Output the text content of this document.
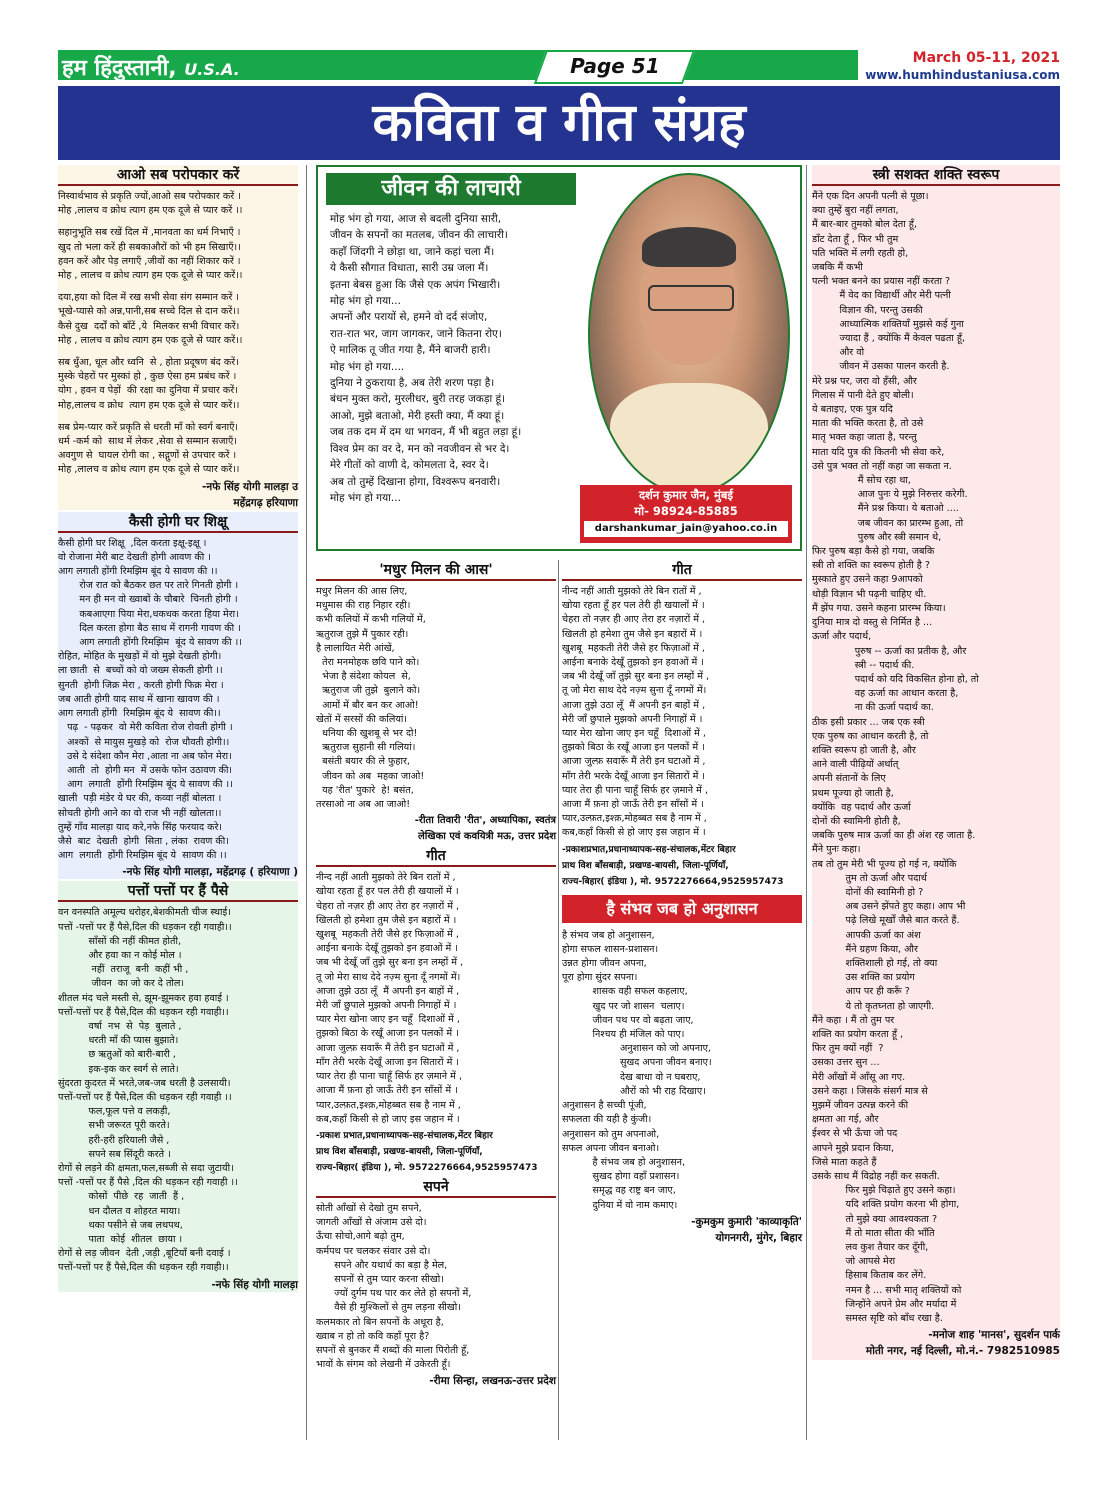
हम हिंदुस्तानी, U.S.A.	Page 51	March 05-11, 2021
www.humhindustaniusa.com
कविता व गीत संग्रह
आओ सब परोपकार करें

निस्वार्थभाव से प्रकृति ज्यों,आओ सब परोपकार करें ।

मोह ,लालच व क्रोध त्याग हम एक दूजे से प्यार करें ।।

सहानुभूति सब रखें दिल में ,मानवता का धर्म निभाएँ ।

खुद तो भला करें ही सबकाऔरों को भी हम सिखाएँ।।

हवन करें और पेड़ लगाएँ ,जीवों का नहीं शिकार करें ।

मोह , लालच व क्रोध त्याग हम एक दूजे से प्यार करें।।

दया,हया को दिल में रख सभी सेवा संग सम्मान करें ।

भूखे-प्यासे को अन्न,पानी,सब सच्चे दिल से दान करें।।

कैसे दुख  दर्दों को बाँटें ,ये  मिलकर सभी विचार करें।

मोह , लालच व क्रोध त्याग हम एक दूजे से प्यार करें।।

सब धुँआ, धूल और ध्वनि  से , होता प्रदूषण बंद करें।

मुस्के चेहरों पर मुस्कां हो , कुछ ऐसा हम प्रबंध करें ।

योग , हवन व पेड़ों  की रक्षा का दुनिया में प्रचार करें।

मोह,लालच व क्रोध  त्याग हम एक दूजे से प्यार करें।।

सब प्रेम-प्यार करें प्रकृति से धरती माँ को स्वर्ग बनाएँ।

धर्म -कर्म को  साथ में लेकर ,सेवा से सम्मान सजाएँ।

अवगुण से  घायल रोगी का , सद्गुणों से उपचार करें ।

मोह ,लालच व क्रोध त्याग हम एक दूजे से प्यार करें।।

-नफे सिंह योगी मालड़ा उ
महेंद्रगढ़ हरियाणा
कैसी होगी घर शिक्षू

कैसी होगी घर शिक्षू  ,दिल करता इक्षू-इक्षू ।

वो रोजाना मेरी बाट देखती होगी आवण की ।

आग लगाती होंगी रिमझिम बूंद ये सावण की ।।

रोज रात को बैठकर छत पर तारे गिनती होगी ।

मन ही मन वो ख्वाबों के चौबारे  चिनती होगी ।

कबआएगा पिया मेरा,धकधक करता हिया मेरा।

दिल करता होगा बैठ साथ में रागनी गावण की ।

आग लगाती होंगी रिमझिम  बूंद ये सावण की ।।

रोहित, मोहित के मुखड़ों में वो मुझे देखती होगी।

ला छाती  से  बच्चों को वो जख्म सेकती होगी ।।

सुनती  होगी जिक्र मेरा , करती होगी फिक्र मेरा ।

जब आती होगी याद साथ में खाना खावण की ।

आग लगाती होंगी  रिमझिम बूंद ये  सावण की।।

पढ़  - पढ़कर  वो मेरी कविता रोज रोवती होगी ।

अश्कों  से मायुस मुखड़े को  रोज धौवती होगी।।

उसे दे संदेशा कौन मेरा ,आता ना अब फोन मेरा।

आती  तो  होगी मन  में उसके फोन उठावण की।

आग  लगाती  होंगी रिमझिम बूंद ये सावण की ।।

खाली  पड़ी मंडेर ये घर की, कव्वा नहीं बोलता ।

सोचती होगी आने का वो राज भी नहीं खोलता।।

तुम्हें गाँव मालड़ा याद करे,नफे सिंह फरयाद करे।

जैसे  बाट  देखती  होगी  सिता , लंका  रावण की।

आग  लगाती  होंगी रिमझिम बूंद ये  सावण की ।।

-नफे सिंह योगी मालड़ा, महेंद्रगढ़ ( हरियाणा )
पत्तों पत्तों पर हैं पैसे

वन वनस्पति अमूल्य धरोहर,बेशकीमती चीज स्थाई।

पत्तों -पत्तों पर हैं पैसे,दिल की धड़कन रही गवाही।।

साँसों की नहीं कीमत होती,

और हवा का न कोई मोल ।

नहीं  तराजू  बनी  कहीं भी ,

जीवन  का जो कर दे तोल।

शीतल मंद चले मस्ती से, झूम-झूमकर हवा हवाई ।

पत्तों-पत्तों पर हैं पैसे,दिल की धड़कन रही गवाही।।

वर्षा  नभ  से  पेड़  बुलाते ,

धरती माँ की प्यास बुझाते।

छ ऋतुओं को बारी-बारी ,

इक-इक कर स्वर्ग से लाते।

सुंदरता कुदरत में भरते,जब-जब धरती है उलसायी।

पत्तों-पत्तों पर हैं पैसे,दिल की धड़कन रही गवाही ।।

फल,फूल पत्ते व लकड़ी,

सभी जरूरत पूरी करते।

हरी-हरी हरियाली जैसे ,

सपने सब सिंदूरी करते ।

रोगों से लड़ने की क्षमता,फल,सब्जी से सदा जुटायी।

पत्तों -पत्तों पर हैं पैसे ,दिल की धड़कन रही गवाही ।।

कोसों  पीछे  रह  जाती  हैं ,

धन दौलत व शोहरत माया।

थका पसीने से जब लथपथ,

पाता  कोई  शीतल  छाया ।

रोगों से लड़ जीवन  देती ,जड़ी ,बूटियाँ बनी दवाई ।

पत्तों-पत्तों पर हैं पैसे,दिल की धड़कन रही गवाही।।

-नफे सिंह योगी मालड़ा
जीवन की लाचारी

मोह भंग हो गया, आज से बदली दुनिया सारी,

जीवन के सपनों का मतलब, जीवन की लाचारी।

कहाँ जिंदगी ने छोड़ा था, जाने कहां चला मैं।

ये कैसी सौगात विधाता, सारी उम्र जला मैं।

इतना बेबस हुआ कि जैसे एक अपंग भिखारी।

मोह भंग हो गया...

अपनों और परायों से, हमने वो दर्द संजोए,

रात-रात भर, जाग जागकर, जाने कितना रोए।

ऐ मालिक तू जीत गया है, मैंने बाजरी हारी।

मोह भंग हो गया....

दुनिया ने ठुकराया है, अब तेरी शरण पड़ा है।

बंधन मुक्त करो, मुरलीधर, बुरी तरह जकड़ा हूं।

आओ, मुझे बताओ, मेरी हस्ती क्या, मैं क्या हूं।

जब तक दम में दम था भगवन, मैं भी बहुत लड़ा हूं।

विश्व प्रेम का वर दे, मन को नवजीवन से भर दे।

मेरे गीतों को वाणी दे, कोमलता दे, स्वर दे।

अब तो तुम्हें दिखाना होगा, विश्वरूप बनवारी।

मोह भंग हो गया...	दर्शन कुमार जैन, मुंबई
मो- 98924-85885
darshankumar_jain@yahoo.co.in
'मधुर मिलन की आस'

मधुर मिलन की आस लिए,

मधुमास की राह निहार रही।

कभी कलियों में कभी गलियों में,

ऋतुराज तुझे मैं पुकार रही।

है लालायित मेरी आंखें,

तेरा मनमोहक छवि पाने को।

भेजा है संदेशा कोयल  से,

ऋतुराज जी तुझे  बुलाने को।

आमों में बौर बन कर आओ!

खेतों में सरसों की कलियां।

धनिया की खुशबू से भर दो!

ऋतुराज सुहानी सी गलियां।

बसंती बयार की ले फुहार,

जीवन को अब  महका जाओ!

यह 'रीत' पुकारे  हे! बसंत,

तरसाओ ना अब आ जाओ!

-रीता तिवारी 'रीत', अध्यापिका, स्वतंत्र
लेखिका एवं कवयित्री मऊ, उत्तर प्रदेश
गीत

नीन्द नहीं आती मुझको तेरे बिन रातों में ,

खोया रहता हूँ हर पल तेरी ही खयालों में ।

चेहरा तो नज़र ही आए तेरा हर नज़ारों में ,

खिलती हो हमेशा तुम जैसे इन बहारों में ।

खुशबू  महकती तेरी जैसे हर फिज़ाओं में ,

आईना बनाके देखूँ तुझको इन हवाओं में ।

जब भी देखूँ जाँ तुझे सुर बना इन लम्हों में ,

तू जो मेरा साथ देदे नज़्म सुना दूँ नगमों में।

आजा तुझे उठा लूँ  मैं अपनी इन बाहों में ,

मेरी जाँ छुपाले मुझको अपनी निगाहों में ।

प्यार मेरा खोना जाए इन चहूँ  दिशाओं में ,

तुझको बिठा के रखूँ आजा इन पलकों में ।

आजा जुल्फ़ सवारूँ मैं तेरी इन घटाओं में ,

माँग तेरी भरके देखूँ आजा इन सितारों में ।

प्यार तेरा ही पाना चाहूँ सिर्फ हर ज़माने में ,

आजा मैं फ़ना हो जाऊँ तेरी इन साँसों में ।

प्यार,उल्फ़त,इश्क़,मोहब्बत सब है नाम में ,

कब,कहाँ किसी से हो जाए इस जहान में ।

-प्रकाश प्रभात,प्रधानाध्यापक-सह-संचालक,मेंटर बिहार
प्राथ विश बाँसबाड़ी, प्रखण्ड-बायसी, जिला-पूर्णियाँ,
राज्य-बिहार( इंडिया ), मो. 9572276664,9525957473
सपने

सोती आँखों से देखो तुम सपने,

जागती आँखों से अंजाम उसे दो।

ऊँचा सोचो,आगे बढ़ो तुम,

कर्मपथ पर चलकर संवार उसे दो।

सपने और यथार्थ का बड़ा है मेल,

सपनों से तुम प्यार करना सीखो।

ज्यों दुर्गम पथ पार कर लेते हो सपनों में,

वैसे ही मुश्किलों से तुम लड़ना सीखो।

कलमकार तो बिन सपनों के अधूरा है,

ख्वाब न हो तो कवि कहाँ पूरा है?

सपनों से बुनकर मैं शब्दों की माला पिरोती हूँ,

भावों के संगम को लेखनी में उकेरती हूँ।

-रीमा सिन्हा, लखनऊ-उत्तर प्रदेश
गीत

नीन्द नहीं आती मुझको तेरे बिन रातों में ,

खोया रहता हूँ हर पल तेरी ही खयालों में ।

चेहरा तो नज़र ही आए तेरा हर नज़ारों में ,

खिलती हो हमेशा तुम जैसे इन बहारों में ।

खुशबू  महकती तेरी जैसे हर फिज़ाओं में ,

आईना बनाके देखूँ तुझको इन हवाओं में ।

जब भी देखूँ जाँ तुझे सुर बना इन लम्हों में ,

तू जो मेरा साथ देदे नज़्म सुना दूँ नगमों में।

आजा तुझे उठा लूँ  मैं अपनी इन बाहों में ,

मेरी जाँ छुपाले मुझको अपनी निगाहों में ।

प्यार मेरा खोना जाए इन चहूँ  दिशाओं में ,

तुझको बिठा के रखूँ आजा इन पलकों में ।

आजा जुल्फ़ सवारूँ मैं तेरी इन घटाओं में ,

माँग तेरी भरके देखूँ आजा इन सितारों में ।

प्यार तेरा ही पाना चाहूँ सिर्फ हर ज़माने में ,

आजा मैं फ़ना हो जाऊँ तेरी इन साँसों में ।

प्यार,उल्फ़त,इश्क़,मोहब्बत सब है नाम में ,

कब,कहाँ किसी से हो जाए इस जहान में ।

-प्रकाशप्रभात,प्रधानाध्यापक-सह-संचालक,मेंटर बिहार
प्राथ विश बाँसबाड़ी, प्रखण्ड-बायसी, जिला-पूर्णियाँ,
राज्य-बिहार( इंडिया ), मो. 9572276664,9525957473
है संभव जब हो अनुशासन

है संभव जब हो अनुशासन,

होगा सफल शासन-प्रशासन।

उन्नत होगा जीवन अपना,

पूरा होगा सुंदर सपना।

शासक वही सफल कहलाए,

खुद पर जो शासन  चलाए।

जीवन पथ पर वो बढ़ता जाए,

निश्चय ही मंजिल को पाए।

अनुशासन को जो अपनाए,

सुखद अपना जीवन बनाए।

देख बाधा वो न घबराए,

औरों को भी राह दिखाए।

अनुशासन है सच्ची पूंजी,

सफलता की यही है कुंजी।

अनुशासन को तुम अपनाओ,

सफल अपना जीवन बनाओ।

है संभव जब हो अनुशासन,

सुखद होगा वहाँ प्रशासन।

समृद्ध वह राष्ट्र बन जाए,

दुनिया में वो नाम कमाए।

-कुमकुम कुमारी 'काव्याकृति'
योगनगरी, मुंगेर, बिहार
स्त्री सशक्त शक्ति स्वरूप

मैंने एक दिन अपनी पत्नी से पूछा।

क्या तुम्हें बुरा नहीं लगता,

मैं बार-बार तुमको बोल देता हूँ,

डाँट देता हूँ , फिर भी तुम

पति भक्ति में लगी रहती हो,

जबकि मैं कभी

पत्नी भक्त बनने का प्रयास नहीं करता ?

मैं वेद का विद्यार्थी और मेरी पत्नी

विज्ञान की, परन्तु उसकी

आध्यात्मिक शक्तियाँ मुझसे कई गुना

ज्यादा हैं , क्योंकि मैं केवल पढता हूँ,

और वो

जीवन में उसका पालन करती है.

मेरे प्रश्न पर, जरा वो हँसी, और

गिलास में पानी देते हुए बोली।

ये बताइए, एक पुत्र यदि

माता की भक्ति करता है, तो उसे

मातृ भक्त कहा जाता है, परन्तु

माता यदि पुत्र की कितनी भी सेवा करे,

उसे पुत्र भक्त तो नहीं कहा जा सकता न.

मैं सोच रहा था,

आज पुनः ये मुझे निरुत्तर करेगी.

मैंने प्रश्न किया। ये बताओ ....

जब जीवन का प्रारम्भ हुआ, तो

पुरुष और स्त्री समान थे,

फिर पुरुष बड़ा कैसे हो गया, जबकि

स्त्री तो शक्ति का स्वरूप होती है ?

मुस्काते हुए उसने कहा 9आपको

थोड़ी विज्ञान भी पढ़नी चाहिए थी.

मैं झेंप गया. उसने कहना प्रारम्भ किया।

दुनिया मात्र दो वस्तु से निर्मित है ...

ऊर्जा और पदार्थ,

पुरुष -- ऊर्जा का प्रतीक है, और

स्त्री -- पदार्थ की.

पदार्थ को यदि विकसित होना हो, तो

वह ऊर्जा का आधान करता है,

ना की ऊर्जा पदार्थ का.

ठीक इसी प्रकार ... जब एक स्त्री

एक पुरुष का आधान करती है, तो

शक्ति स्वरूप हो जाती है, और

आने वाली पीढ़ियों अर्थात्

अपनी संतानों के लिए

प्रथम पूज्या हो जाती है,

क्योंकि  वह पदार्थ और ऊर्जा

दोनों की स्वामिनी होती है,

जबकि पुरुष मात्र ऊर्जा का ही अंश रह जाता है.

मैंने पुनः कहा।

तब तो तुम मेरी भी पूज्य हो गई न, क्योंकि

तुम तो ऊर्जा और पदार्थ

दोनों की स्वामिनी हो ?

अब उसने झेंपते हुए कहा। आप भी

पढ़े लिखे मूर्खों जैसे बात करते हैं.

आपकी ऊर्जा का अंश

मैंने ग्रहण किया, और

शक्तिशाली हो गई, तो क्या

उस शक्ति का प्रयोग

आप पर ही करूँ ?

ये तो कृतघ्नता हो जाएगी.

मैंने कहा । मैं तो तुम पर

शक्ति का प्रयोग करता हूँ ,

फिर तुम क्यों नहीं  ?

उसका उत्तर सुन ...

मेरी आँखों में आँसू आ गए.

उसने कहा । जिसके संसर्ग मात्र से

मुझमें जीवन उत्पन्न करने की

क्षमता आ गई, और

ईश्वर से भी ऊँचा जो पद

आपने मुझे प्रदान किया,

जिसे माता कहते हैं

उसके साथ मैं विद्रोह नहीं कर सकती.

फिर मुझे चिढ़ाते हुए उसने कहा।

यदि शक्ति प्रयोग करना भी होगा,

तो मुझे क्या आवश्यकता ?

मैं तो माता सीता की भाँति

लव कुश तैयार कर दूँगी,

जो आपसे मेरा

हिसाब किताब कर लेंगे.

नमन है ... सभी मातृ शक्तियों को

जिन्होंने अपने प्रेम और मर्यादा में

समस्त सृष्टि को बाँध रखा है.

-मनोज शाह 'मानस', सुदर्शन पार्क
मोती नगर, नई दिल्ली, मो.नं.- 7982510985
